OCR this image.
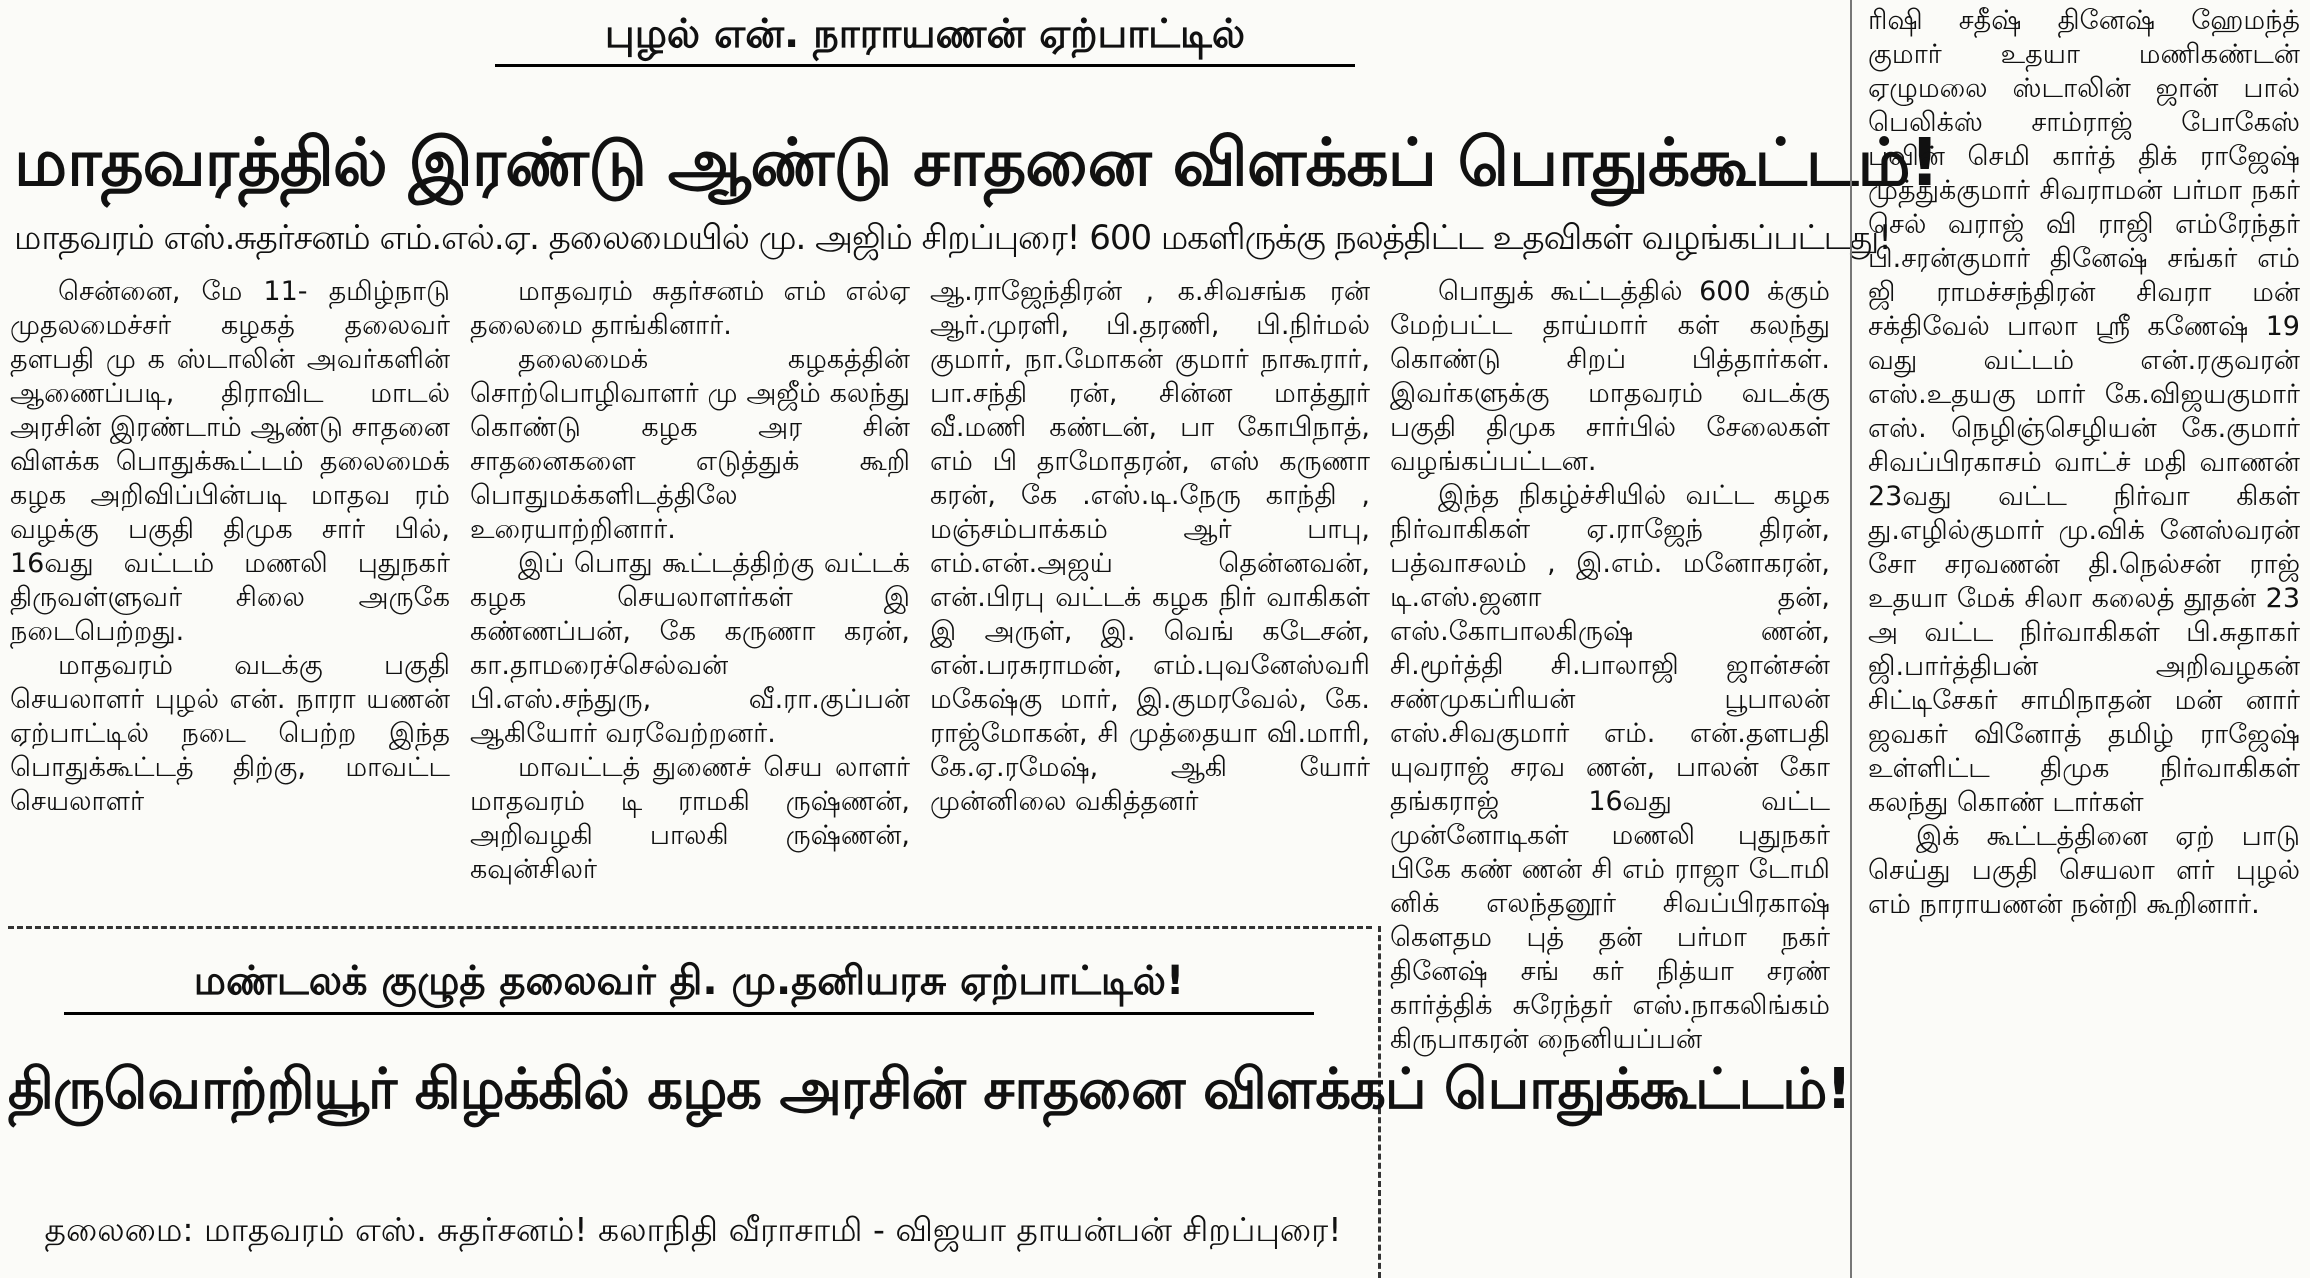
புழல் என். நாராயணன் ஏற்பாட்டில்
மாதவரத்தில் இரண்டு ஆண்டு சாதனை விளக்கப் பொதுக்கூட்டம்!
மாதவரம் எஸ்.சுதர்சனம் எம்.எல்.ஏ. தலைமையில் மு. அஜிம் சிறப்புரை! 600 மகளிருக்கு நலத்திட்ட உதவிகள் வழங்கப்பட்டது!

சென்னை, மே 11- தமிழ்நாடு முதலமைச்சர் கழகத் தலைவர் தளபதி மு க ஸ்டாலின் அவர்களின் ஆணைப்படி, திராவிட மாடல் அரசின் இரண்டாம் ஆண்டு சாதனை விளக்க பொதுக்கூட்டம் தலைமைக் கழக அறிவிப்பின்படி மாதவ ரம் வழக்கு பகுதி திமுக சார் பில், 16வது வட்டம் மணலி புதுநகர் திருவள்ளுவர் சிலை அருகே நடைபெற்றது.

மாதவரம் வடக்கு பகுதி செயலாளர் புழல் என். நாரா யணன் ஏற்பாட்டில் நடை பெற்ற இந்த பொதுக்கூட்டத் திற்கு, மாவட்ட செயலாளர்

மாதவரம் சுதர்சனம் எம் எல்ஏ தலைமை தாங்கினார்.

தலைமைக் கழகத்தின் சொற்பொழிவாளர் மு அஜீம் கலந்து கொண்டு கழக அர சின் சாதனைகளை எடுத்துக் கூறி பொதுமக்களிடத்திலே உரையாற்றினார்.

இப் பொது கூட்டத்திற்கு வட்டக் கழக செயலாளர்கள் இ கண்ணப்பன், கே கருணா கரன், கா.தாமரைச்செல்வன் பி.எஸ்.சந்துரு, வீ.ரா.குப்பன் ஆகியோர் வரவேற்றனர்.

மாவட்டத் துணைச் செய லாளர் மாதவரம் டி ராமகி ருஷ்ணன், அறிவழகி பாலகி ருஷ்ணன், கவுன்சிலர்

ஆ.ராஜேந்திரன் , க.சிவசங்க ரன் ஆர்.முரளி, பி.தரணி, பி.நிர்மல் குமார், நா.மோகன் குமார் நாகூரார், பா.சந்தி ரன், சின்ன மாத்தூர் வீ.மணி கண்டன், பா கோபிநாத், எம் பி தாமோதரன், எஸ் கருணா கரன், கே .எஸ்.டி.நேரு காந்தி , மஞ்சம்பாக்கம் ஆர் பாபு, எம்.என்.அஜய் தென்னவன், என்.பிரபு வட்டக் கழக நிர் வாகிகள் இ அருள், இ. வெங் கடேசன், என்.பரசுராமன், எம்.புவனேஸ்வரி மகேஷ்கு மார், இ.குமரவேல், கே. ராஜ்மோகன், சி முத்தையா வி.மாரி, கே.ஏ.ரமேஷ், ஆகி யோர் முன்னிலை வகித்தனர்

பொதுக் கூட்டத்தில் 600 க்கும் மேற்பட்ட தாய்மார் கள் கலந்து கொண்டு சிறப் பித்தார்கள். இவர்களுக்கு மாதவரம் வடக்கு பகுதி திமுக சார்பில் சேலைகள் வழங்கப்பட்டன.

இந்த நிகழ்ச்சியில் வட்ட கழக நிர்வாகிகள் ஏ.ராஜேந் திரன், பத்வாசலம் , இ.எம். மனோகரன், டி.எஸ்.ஜனா தன், எஸ்.கோபாலகிருஷ் ணன், சி.மூர்த்தி சி.பாலாஜி ஜான்சன் சண்முகப்ரியன் பூபாலன் எஸ்.சிவகுமார் எம். என்.தளபதி யுவராஜ் சரவ ணன், பாலன் கோ தங்கராஜ் 16வது வட்ட முன்னோடிகள் மணலி புதுநகர் பிகே கண் ணன் சி எம் ராஜா டோமி னிக் எலந்தனூர் சிவப்பிரகாஷ் கௌதம புத் தன் பர்மா நகர் தினேஷ் சங் கர் நித்யா சரண் கார்த்திக் சுரேந்தர் எஸ்.நாகலிங்கம் கிருபாகரன் நைனியப்பன்

ரிஷி சதீஷ் தினேஷ் ஹேமந்த் குமார் உதயா மணிகண்டன் ஏழுமலை ஸ்டாலின் ஜான் பால் பெலிக்ஸ் சாம்ராஜ் போகேஸ் பவின் செமி கார்த் திக் ராஜேஷ் முத்துக்குமார் சிவராமன் பர்மா நகர் செல் வராஜ் வி ராஜி எம்ரேந்தர் பி.சரன்குமார் தினேஷ் சங்கர் எம் ஜி ராமச்சந்திரன் சிவரா மன் சக்திவேல் பாலா ஸ்ரீ கணேஷ் 19 வது வட்டம் என்.ரகுவரன் எஸ்.உதயகு மார் கே.விஜயகுமார் எஸ். நெழிஞ்செழியன் கே.குமார் சிவப்பிரகாசம் வாட்ச் மதி வாணன் 23வது வட்ட நிர்வா கிகள் து.எழில்குமார் மு.விக் னேஸ்வரன் சோ சரவணன் தி.நெல்சன் ராஜ் உதயா மேக் சிலா கலைத் தூதன் 23 அ வட்ட நிர்வாகிகள் பி.சுதாகர் ஜி.பார்த்திபன் அறிவழகன் சிட்டிசேகர் சாமிநாதன் மன் னார் ஜவகர் வினோத் தமிழ் ராஜேஷ் உள்ளிட்ட திமுக நிர்வாகிகள் கலந்து கொண் டார்கள்

இக் கூட்டத்தினை ஏற் பாடு செய்து பகுதி செயலா ளர் புழல் எம் நாராயணன் நன்றி கூறினார்.

மண்டலக் குழுத் தலைவர் தி. மு.தனியரசு ஏற்பாட்டில்!
திருவொற்றியூர் கிழக்கில் கழக அரசின் சாதனை விளக்கப் பொதுக்கூட்டம்!
தலைமை: மாதவரம் எஸ். சுதர்சனம்! கலாநிதி வீராசாமி - விஜயா தாயன்பன் சிறப்புரை!
